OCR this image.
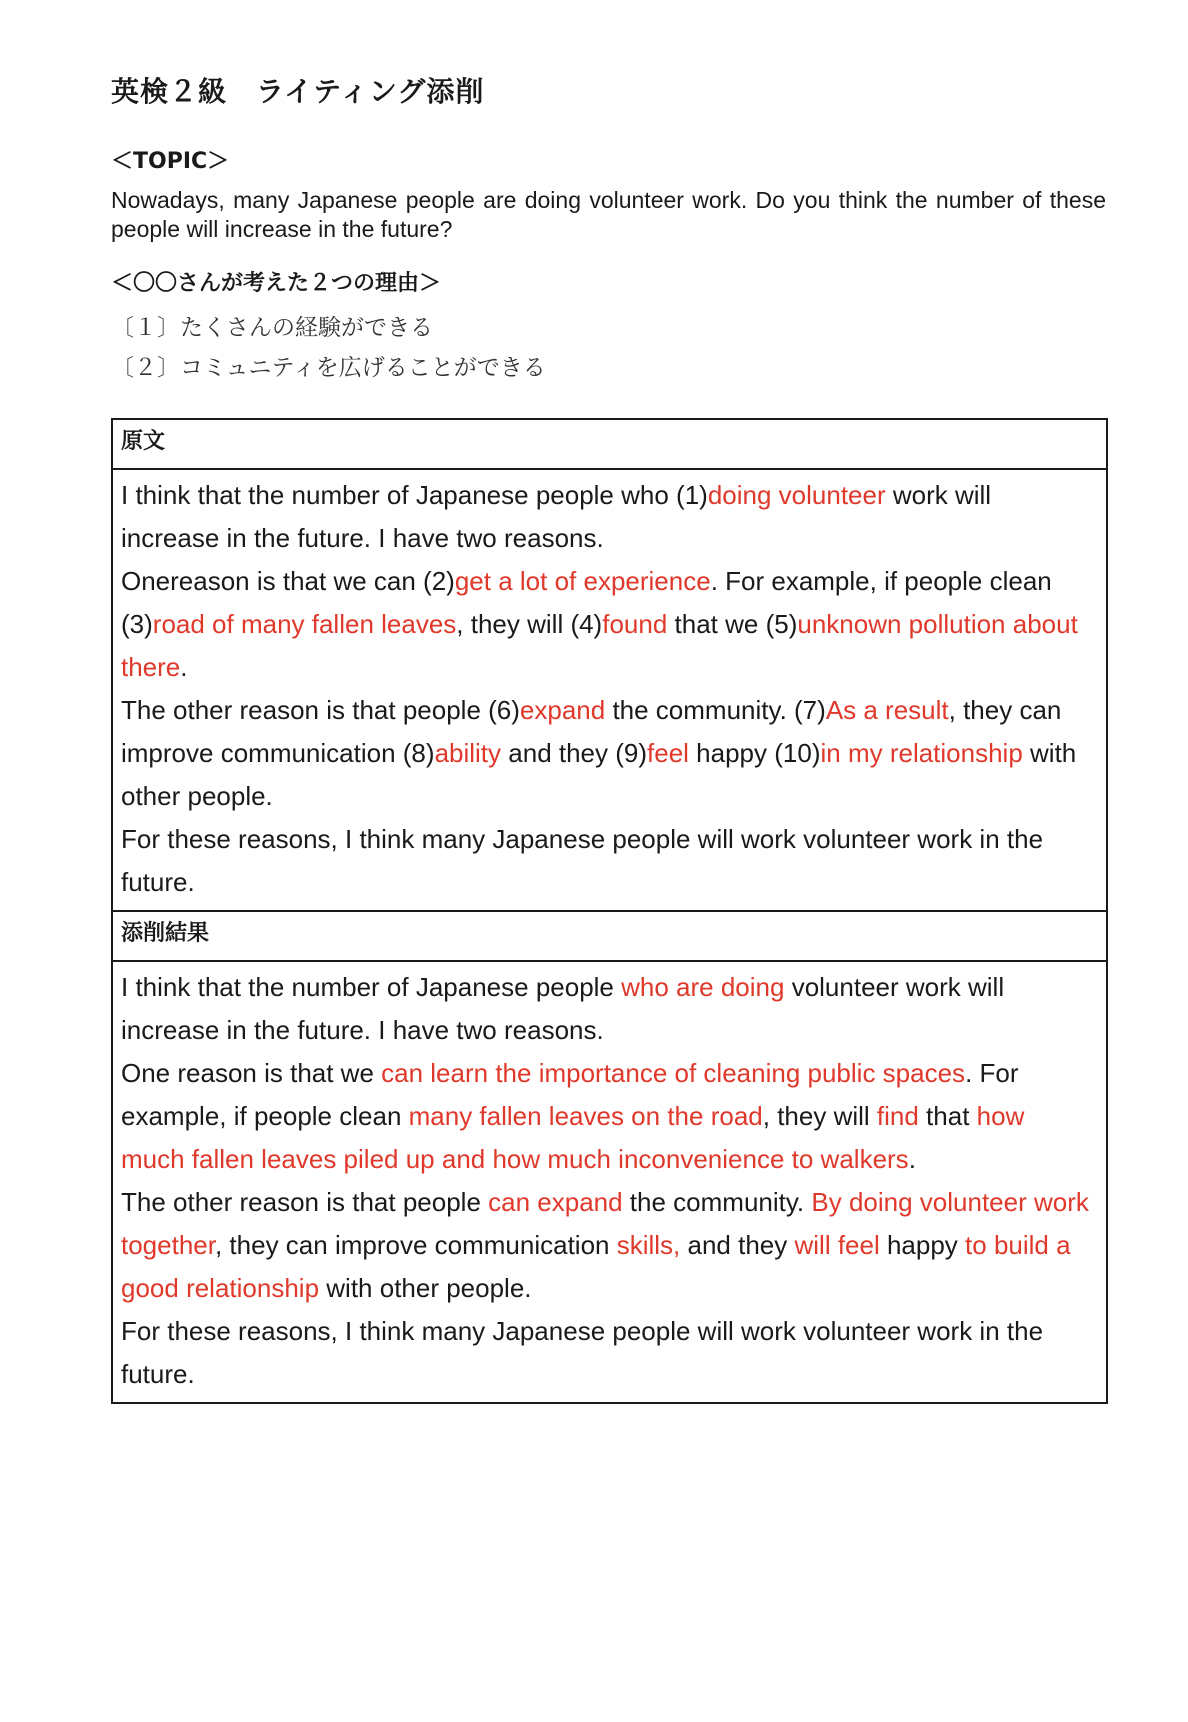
英検２級　ライティング添削
＜TOPIC＞
Nowadays, many Japanese people are doing volunteer work. Do you think the number of these people will increase in the future?
＜〇〇さんが考えた２つの理由＞
〔１〕たくさんの経験ができる
〔２〕コミュニティを広げることができる
原文

I think that the number of Japanese people who (1)doing volunteer work will increase in the future. I have two reasons.

Onereason is that we can (2)get a lot of experience. For example, if people clean (3)road of many fallen leaves, they will (4)found that we (5)unknown pollution about there.

The other reason is that people (6)expand the community. (7)As a result, they can improve communication (8)ability and they (9)feel happy (10)in my relationship with other people.

For these reasons, I think many Japanese people will work volunteer work in the future.

添削結果

I think that the number of Japanese people who are doing volunteer work will increase in the future. I have two reasons.

One reason is that we can learn the importance of cleaning public spaces. For example, if people clean many fallen leaves on the road, they will find that how much fallen leaves piled up and how much inconvenience to walkers.

The other reason is that people can expand the community. By doing volunteer work together, they can improve communication skills, and they will feel happy to build a good relationship with other people.

For these reasons, I think many Japanese people will work volunteer work in the future.
